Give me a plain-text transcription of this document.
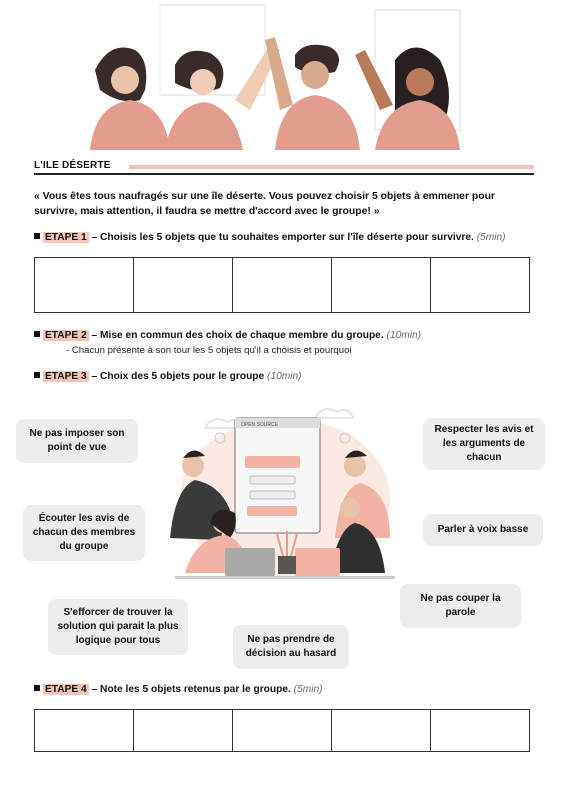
L'ILE DÉSERTE
« Vous êtes tous naufragés sur une île déserte. Vous pouvez choisir 5 objets à emmener pour survivre, mais attention, il faudra se mettre d'accord avec le groupe! »
ETAPE 1 – Choisis les 5 objets que tu souhaites emporter sur l'île déserte pour survivre. (5min)

ETAPE 2 – Mise en commun des choix de chaque membre du groupe. (10min)
- Chacun présente à son tour les 5 objets qu'il a choisis et pourquoi
ETAPE 3 – Choix des 5 objets pour le groupe (10min)
OPEN SOURCE
Ne pas imposer son point de vue
Écouter les avis de chacun des membres du groupe
S'efforcer de trouver la solution qui parait la plus logique pour tous	Ne pas prendre de décision au hasard
Ne pas couper la parole
Parler à voix basse
Respecter les avis et les arguments de chacun
ETAPE 4 – Note les 5 objets retenus par le groupe. (5min)
